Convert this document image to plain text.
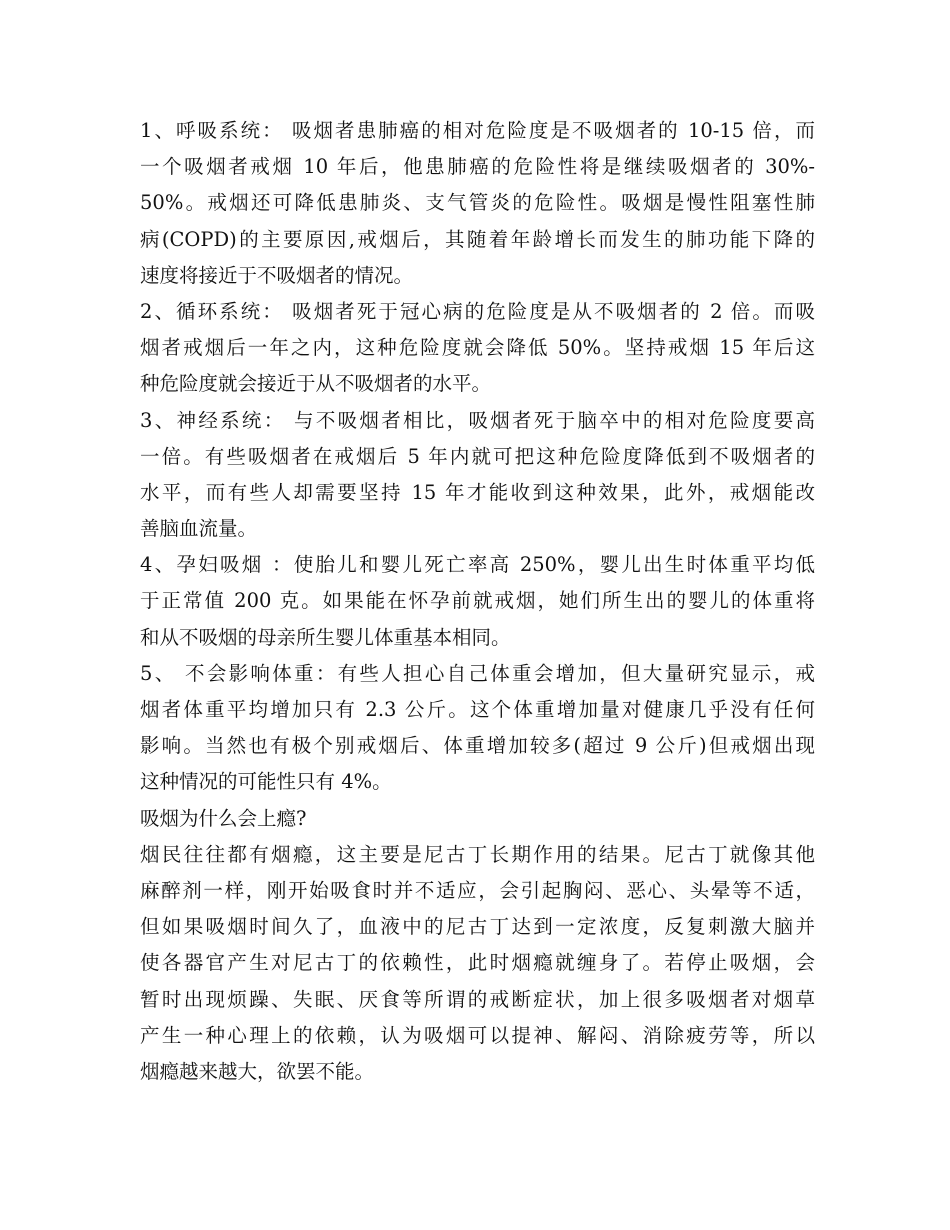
1、呼吸系统： 吸烟者患肺癌的相对危险度是不吸烟者的 10-15 倍，而
一个吸烟者戒烟 10 年后，他患肺癌的危险性将是继续吸烟者的 30%-
50%。戒烟还可降低患肺炎、支气管炎的危险性。吸烟是慢性阻塞性肺
病(COPD)的主要原因,戒烟后，其随着年龄增长而发生的肺功能下降的
速度将接近于不吸烟者的情况。
2、循环系统： 吸烟者死于冠心病的危险度是从不吸烟者的 2 倍。而吸
烟者戒烟后一年之内，这种危险度就会降低 50%。坚持戒烟 15 年后这
种危险度就会接近于从不吸烟者的水平。
3、神经系统： 与不吸烟者相比，吸烟者死于脑卒中的相对危险度要高
一倍。有些吸烟者在戒烟后 5 年内就可把这种危险度降低到不吸烟者的
水平，而有些人却需要坚持 15 年才能收到这种效果，此外，戒烟能改
善脑血流量。
4、孕妇吸烟 ：使胎儿和婴儿死亡率高 250%，婴儿出生时体重平均低
于正常值 200 克。如果能在怀孕前就戒烟，她们所生出的婴儿的体重将
和从不吸烟的母亲所生婴儿体重基本相同。
5、 不会影响体重：有些人担心自己体重会增加，但大量研究显示，戒
烟者体重平均增加只有 2.3 公斤。这个体重增加量对健康几乎没有任何
影响。当然也有极个别戒烟后、体重增加较多(超过 9 公斤)但戒烟出现
这种情况的可能性只有 4%。
吸烟为什么会上瘾?
烟民往往都有烟瘾，这主要是尼古丁长期作用的结果。尼古丁就像其他
麻醉剂一样，刚开始吸食时并不适应，会引起胸闷、恶心、头晕等不适，
但如果吸烟时间久了，血液中的尼古丁达到一定浓度，反复刺激大脑并
使各器官产生对尼古丁的依赖性，此时烟瘾就缠身了。若停止吸烟，会
暂时出现烦躁、失眠、厌食等所谓的戒断症状，加上很多吸烟者对烟草
产生一种心理上的依赖，认为吸烟可以提神、解闷、消除疲劳等，所以
烟瘾越来越大，欲罢不能。
